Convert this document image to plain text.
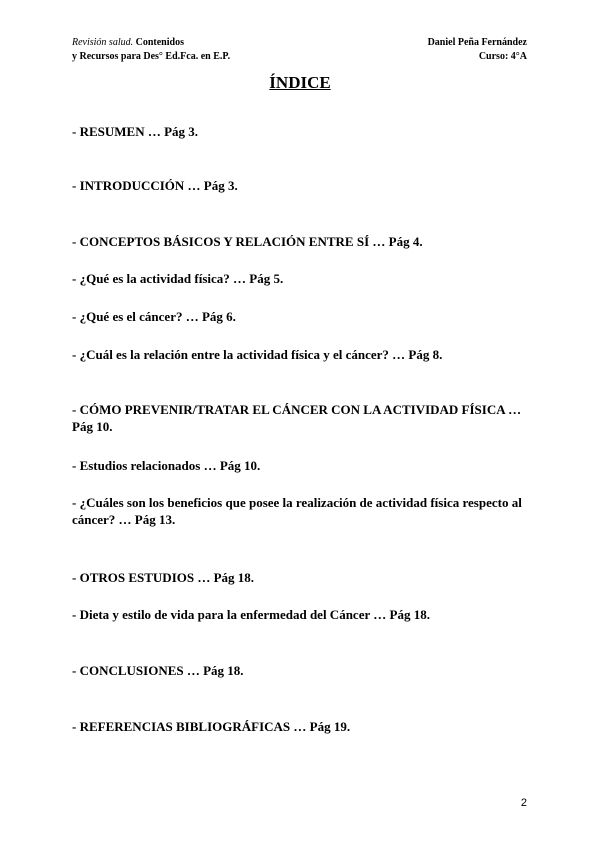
Revisión salud. Contenidos
y Recursos para Des° Ed.Fca. en E.P.
Daniel Peña Fernández
Curso: 4°A
ÍNDICE
- RESUMEN … Pág 3.
- INTRODUCCIÓN … Pág 3.
- CONCEPTOS BÁSICOS Y RELACIÓN ENTRE SÍ … Pág 4.
- ¿Qué es la actividad física? … Pág 5.
- ¿Qué es el cáncer? … Pág 6.
- ¿Cuál es la relación entre la actividad física y el cáncer? … Pág 8.
- CÓMO PREVENIR/TRATAR EL CÁNCER CON LA ACTIVIDAD FÍSICA … Pág 10.
- Estudios relacionados … Pág 10.
- ¿Cuáles son los beneficios que posee la realización de actividad física respecto al cáncer? … Pág 13.
- OTROS ESTUDIOS … Pág 18.
- Dieta y estilo de vida para la enfermedad del Cáncer … Pág 18.
- CONCLUSIONES … Pág 18.
- REFERENCIAS BIBLIOGRÁFICAS … Pág 19.
2
